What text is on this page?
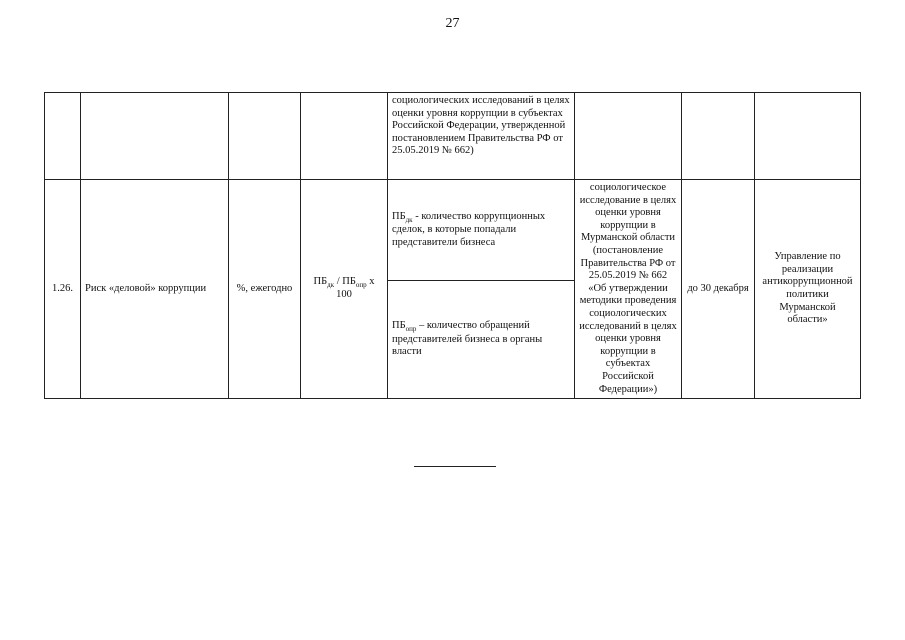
27
				социологических исследований в целях оценки уровня коррупции в субъектах Российской Федерации, утвержденной постановлением Правительства РФ от 25.05.2019 № 662)			
1.26.	Риск «деловой» коррупции	%, ежегодно	$ПБ_{дк} / ПБ_{опр}$ х 100	$ПБ_{дк}$ - количество коррупционных сделок, в которые попадали представители бизнеса	социологическое исследование в целях оценки уровня коррупции в Мурманской области (постановление Правительства РФ от 25.05.2019 № 662 «Об утверждении методики проведения социологических исследований в целях оценки уровня коррупции в субъектах Российской Федерации»)	до 30 декабря	Управление по реализации антикоррупционной политики Мурманской области»
				$ПБ_{опр}$ – количество обращений представителей бизнеса в органы власти			
